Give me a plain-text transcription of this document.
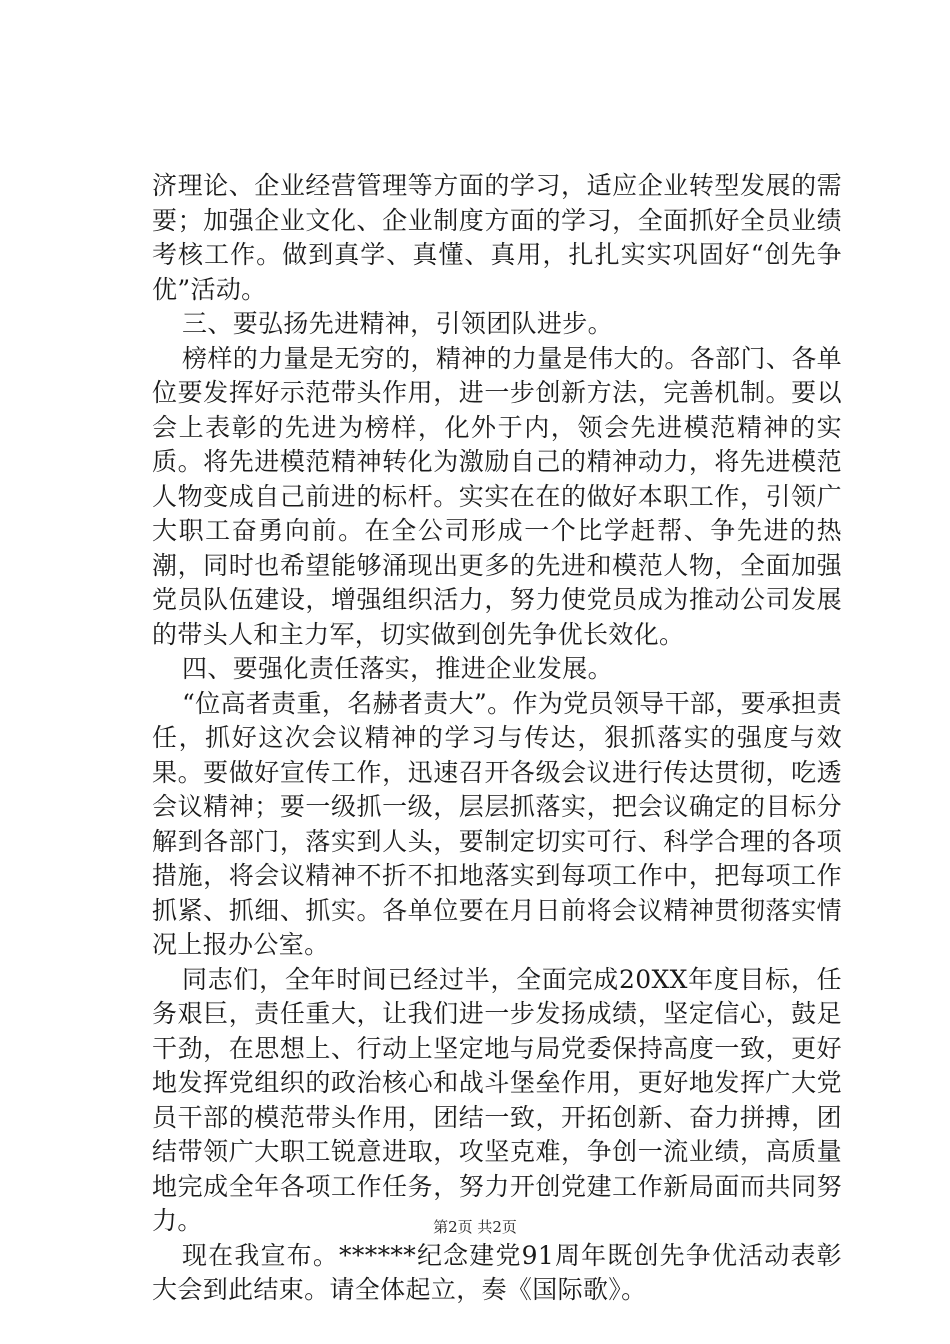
济理论、企业经营管理等方面的学习，适应企业转型发展的需要；加强企业文化、企业制度方面的学习，全面抓好全员业绩考核工作。做到真学、真懂、真用，扎扎实实巩固好“创先争优”活动。

三、要弘扬先进精神，引领团队进步。

榜样的力量是无穷的，精神的力量是伟大的。各部门、各单位要发挥好示范带头作用，进一步创新方法，完善机制。要以会上表彰的先进为榜样，化外于内，领会先进模范精神的实质。将先进模范精神转化为激励自己的精神动力，将先进模范人物变成自己前进的标杆。实实在在的做好本职工作，引领广大职工奋勇向前。在全公司形成一个比学赶帮、争先进的热潮，同时也希望能够涌现出更多的先进和模范人物，全面加强党员队伍建设，增强组织活力，努力使党员成为推动公司发展的带头人和主力军，切实做到创先争优长效化。

四、要强化责任落实，推进企业发展。

“位高者责重，名赫者责大”。作为党员领导干部，要承担责任，抓好这次会议精神的学习与传达，狠抓落实的强度与效果。要做好宣传工作，迅速召开各级会议进行传达贯彻，吃透会议精神；要一级抓一级，层层抓落实，把会议确定的目标分解到各部门，落实到人头，要制定切实可行、科学合理的各项措施，将会议精神不折不扣地落实到每项工作中，把每项工作抓紧、抓细、抓实。各单位要在月日前将会议精神贯彻落实情况上报办公室。

同志们，全年时间已经过半，全面完成20XX年度目标，任务艰巨，责任重大，让我们进一步发扬成绩，坚定信心，鼓足干劲，在思想上、行动上坚定地与局党委保持高度一致，更好地发挥党组织的政治核心和战斗堡垒作用，更好地发挥广大党员干部的模范带头作用，团结一致，开拓创新、奋力拼搏，团结带领广大职工锐意进取，攻坚克难，争创一流业绩，高质量地完成全年各项工作任务，努力开创党建工作新局面而共同努力。

现在我宣布。******纪念建党91周年既创先争优活动表彰大会到此结束。请全体起立，奏《国际歌》。

第2页 共2页
